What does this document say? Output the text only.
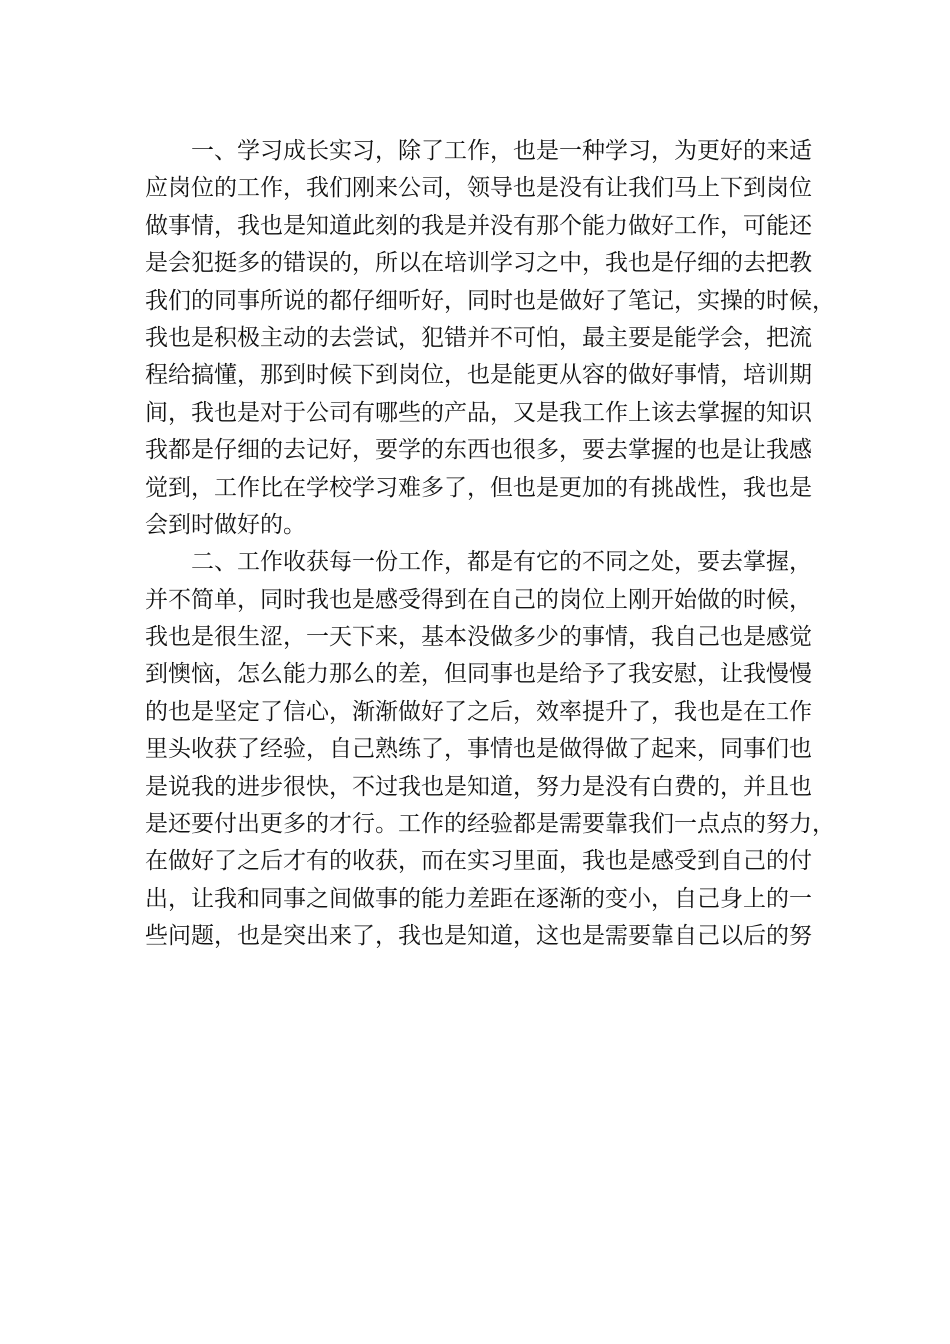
一、学习成长实习，除了工作，也是一种学习，为更好的来适
应岗位的工作，我们刚来公司，领导也是没有让我们马上下到岗位
做事情，我也是知道此刻的我是并没有那个能力做好工作，可能还
是会犯挺多的错误的，所以在培训学习之中，我也是仔细的去把教
我们的同事所说的都仔细听好，同时也是做好了笔记，实操的时候，
我也是积极主动的去尝试，犯错并不可怕，最主要是能学会，把流
程给搞懂，那到时候下到岗位，也是能更从容的做好事情，培训期
间，我也是对于公司有哪些的产品，又是我工作上该去掌握的知识
我都是仔细的去记好，要学的东西也很多，要去掌握的也是让我感
觉到，工作比在学校学习难多了，但也是更加的有挑战性，我也是
会到时做好的。
二、工作收获每一份工作，都是有它的不同之处，要去掌握，
并不简单，同时我也是感受得到在自己的岗位上刚开始做的时候，
我也是很生涩，一天下来，基本没做多少的事情，我自己也是感觉
到懊恼，怎么能力那么的差，但同事也是给予了我安慰，让我慢慢
的也是坚定了信心，渐渐做好了之后，效率提升了，我也是在工作
里头收获了经验，自己熟练了，事情也是做得做了起来，同事们也
是说我的进步很快，不过我也是知道，努力是没有白费的，并且也
是还要付出更多的才行。工作的经验都是需要靠我们一点点的努力，
在做好了之后才有的收获，而在实习里面，我也是感受到自己的付
出，让我和同事之间做事的能力差距在逐渐的变小，自己身上的一
些问题，也是突出来了，我也是知道，这也是需要靠自己以后的努
